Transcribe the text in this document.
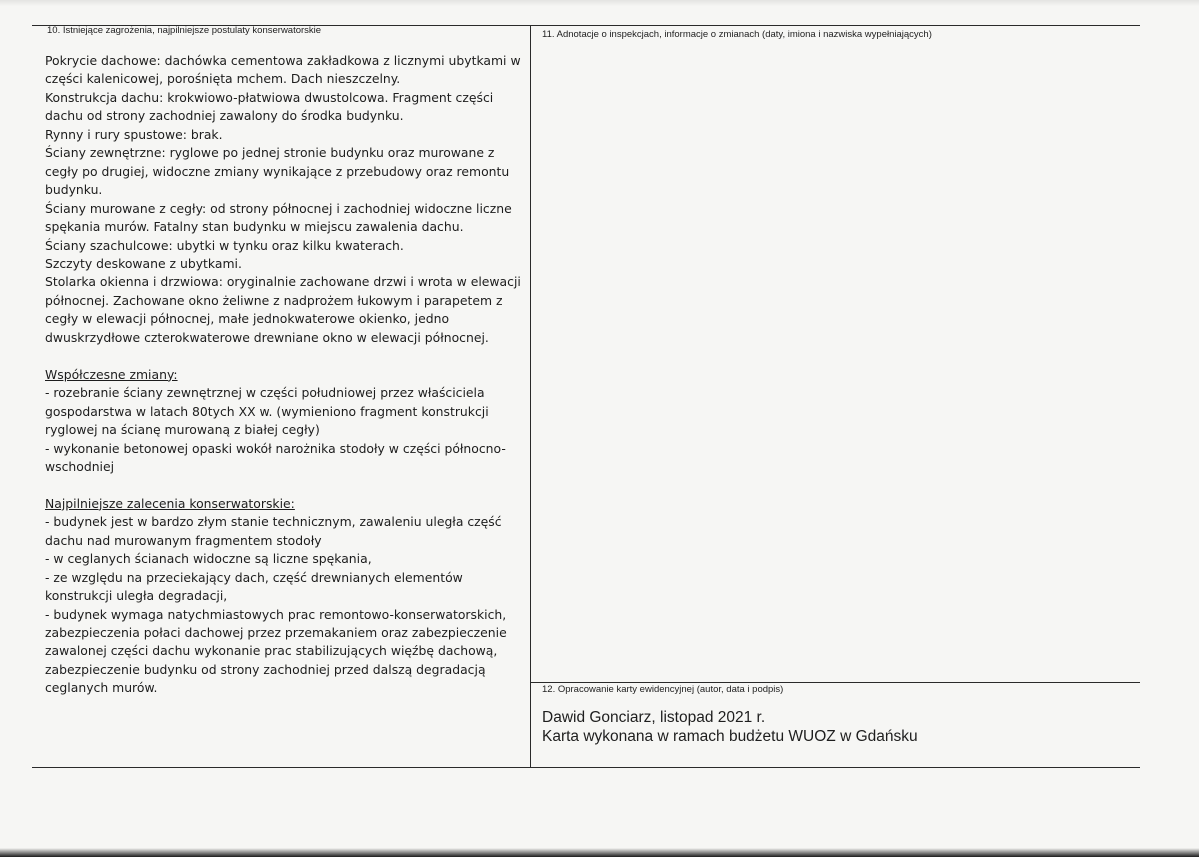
10. Istniejące zagrożenia, najpilniejsze postulaty konserwatorskie

Pokrycie dachowe: dachówka cementowa zakładkowa z licznymi ubytkami w części kalenicowej, porośnięta mchem. Dach nieszczelny.

Konstrukcja dachu: krokwiowo-płatwiowa dwustolcowa. Fragment części dachu od strony zachodniej zawalony do środka budynku.

Rynny i rury spustowe: brak.

Ściany zewnętrzne: ryglowe po jednej stronie budynku oraz murowane z cegły po drugiej, widoczne zmiany wynikające z przebudowy oraz remontu budynku.

Ściany murowane z cegły: od strony północnej i zachodniej widoczne liczne spękania murów. Fatalny stan budynku w miejscu zawalenia dachu.

Ściany szachulcowe: ubytki w tynku oraz kilku kwaterach.

Szczyty deskowane z ubytkami.

Stolarka okienna i drzwiowa: oryginalnie zachowane drzwi i wrota w elewacji północnej. Zachowane okno żeliwne z nadprożem łukowym i parapetem z cegły w elewacji północnej, małe jednokwaterowe okienko, jedno dwuskrzydłowe czterokwaterowe drewniane okno w elewacji północnej.

Współczesne zmiany:

- rozebranie ściany zewnętrznej w części południowej przez właściciela gospodarstwa w latach 80tych XX w. (wymieniono fragment konstrukcji ryglowej na ścianę murowaną z białej cegły)

- wykonanie betonowej opaski wokół narożnika stodoły w części północno-wschodniej

Najpilniejsze zalecenia konserwatorskie:

- budynek jest w bardzo złym stanie technicznym, zawaleniu uległa część dachu nad murowanym fragmentem stodoły

- w ceglanych ścianach widoczne są liczne spękania,

- ze względu na przeciekający dach, część drewnianych elementów konstrukcji uległa degradacji,

- budynek wymaga natychmiastowych prac remontowo-konserwatorskich, zabezpieczenia połaci dachowej przez przemakaniem oraz zabezpieczenie zawalonej części dachu wykonanie prac stabilizujących więźbę dachową, zabezpieczenie budynku od strony zachodniej przed dalszą degradacją ceglanych murów.

11. Adnotacje o inspekcjach, informacje o zmianach (daty, imiona i nazwiska wypełniających)
12. Opracowanie karty ewidencyjnej (autor, data i podpis)
Dawid Gonciarz, listopad 2021 r.
Karta wykonana w ramach budżetu WUOZ w Gdańsku
